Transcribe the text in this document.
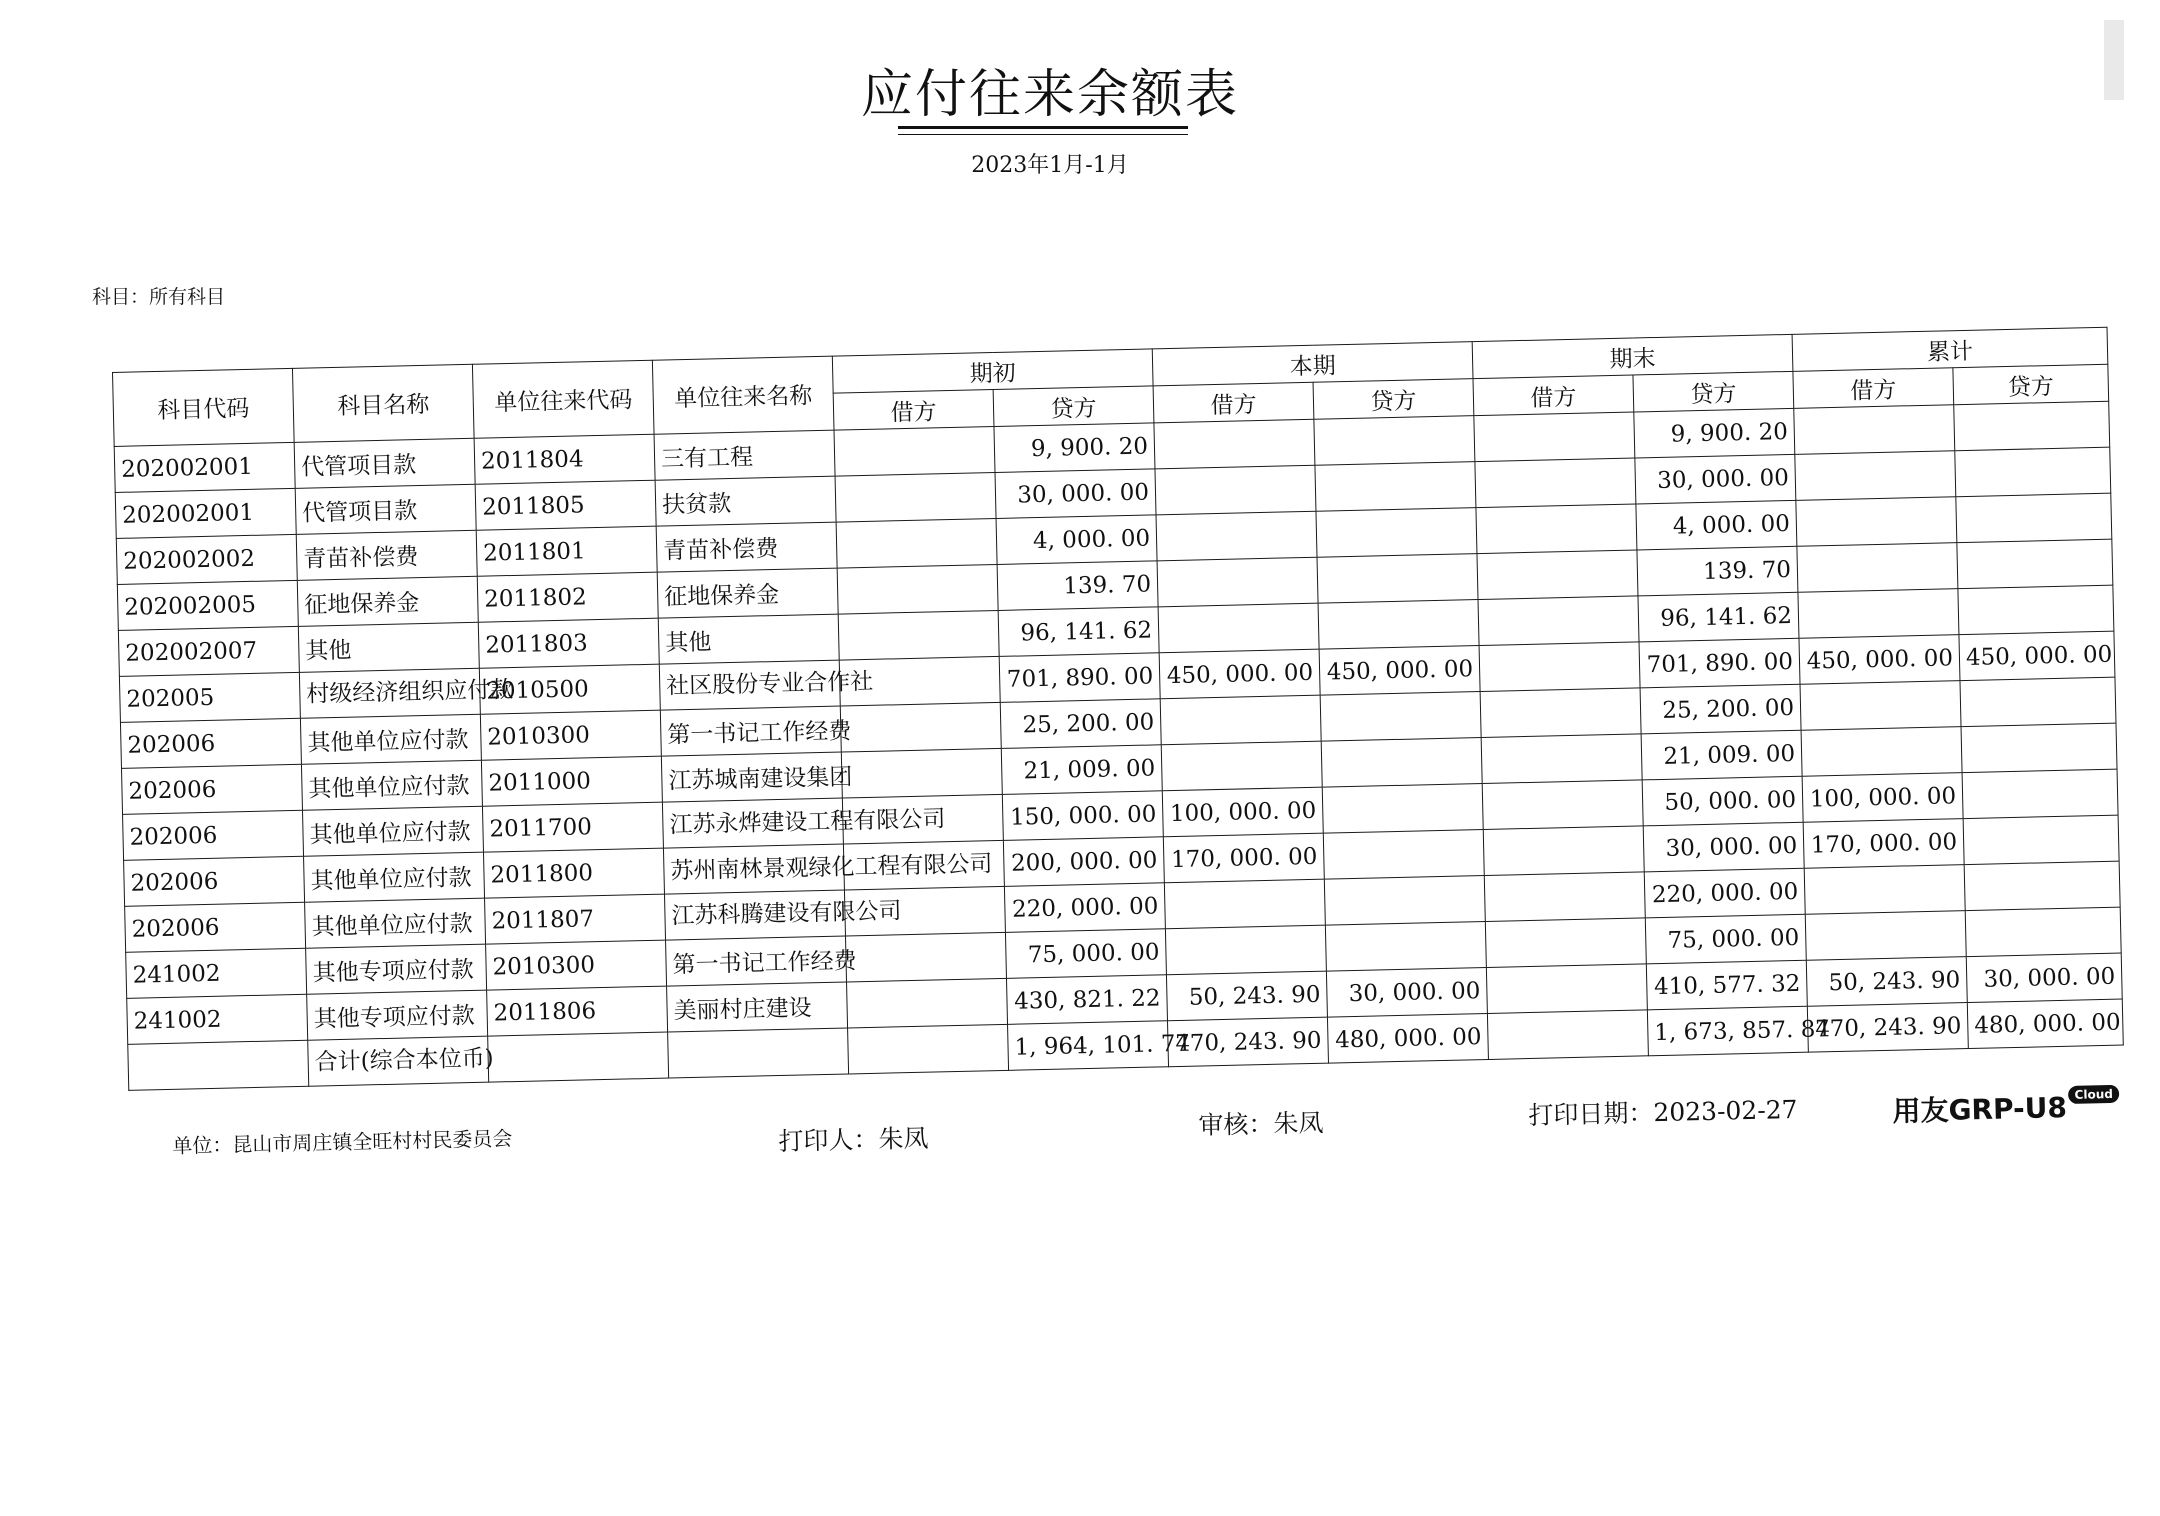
应付往来余额表
2023年1月-1月
科目：所有科目
科目代码	科目名称	单位往来代码	单位往来名称	期初		本期		期末		累计	
				借方	贷方	借方	贷方	借方	贷方	借方	贷方
202002001	代管项目款	2011804	三有工程		9, 900. 20				9, 900. 20		
202002001	代管项目款	2011805	扶贫款		30, 000. 00				30, 000. 00		
202002002	青苗补偿费	2011801	青苗补偿费		4, 000. 00				4, 000. 00		
202002005	征地保养金	2011802	征地保养金		139. 70				139. 70		
202002007	其他	2011803	其他		96, 141. 62				96, 141. 62		
202005	村级经济组织应付款	2010500	社区股份专业合作社		701, 890. 00	450, 000. 00	450, 000. 00		701, 890. 00	450, 000. 00	450, 000. 00
202006	其他单位应付款	2010300	第一书记工作经费		25, 200. 00				25, 200. 00		
202006	其他单位应付款	2011000	江苏城南建设集团		21, 009. 00				21, 009. 00		
202006	其他单位应付款	2011700	江苏永烨建设工程有限公司		150, 000. 00	100, 000. 00			50, 000. 00	100, 000. 00	
202006	其他单位应付款	2011800	苏州南林景观绿化工程有限公司		200, 000. 00	170, 000. 00			30, 000. 00	170, 000. 00	
202006	其他单位应付款	2011807	江苏科腾建设有限公司		220, 000. 00				220, 000. 00		
241002	其他专项应付款	2010300	第一书记工作经费		75, 000. 00				75, 000. 00		
241002	其他专项应付款	2011806	美丽村庄建设		430, 821. 22	50, 243. 90	30, 000. 00		410, 577. 32	50, 243. 90	30, 000. 00
	合计(综合本位币)				1, 964, 101. 74	770, 243. 90	480, 000. 00		1, 673, 857. 84	770, 243. 90	480, 000. 00
单位：昆山市周庄镇全旺村村民委员会	打印人：朱凤	审核：朱凤	打印日期：2023-02-27	用友GRP-U8 Cloud
